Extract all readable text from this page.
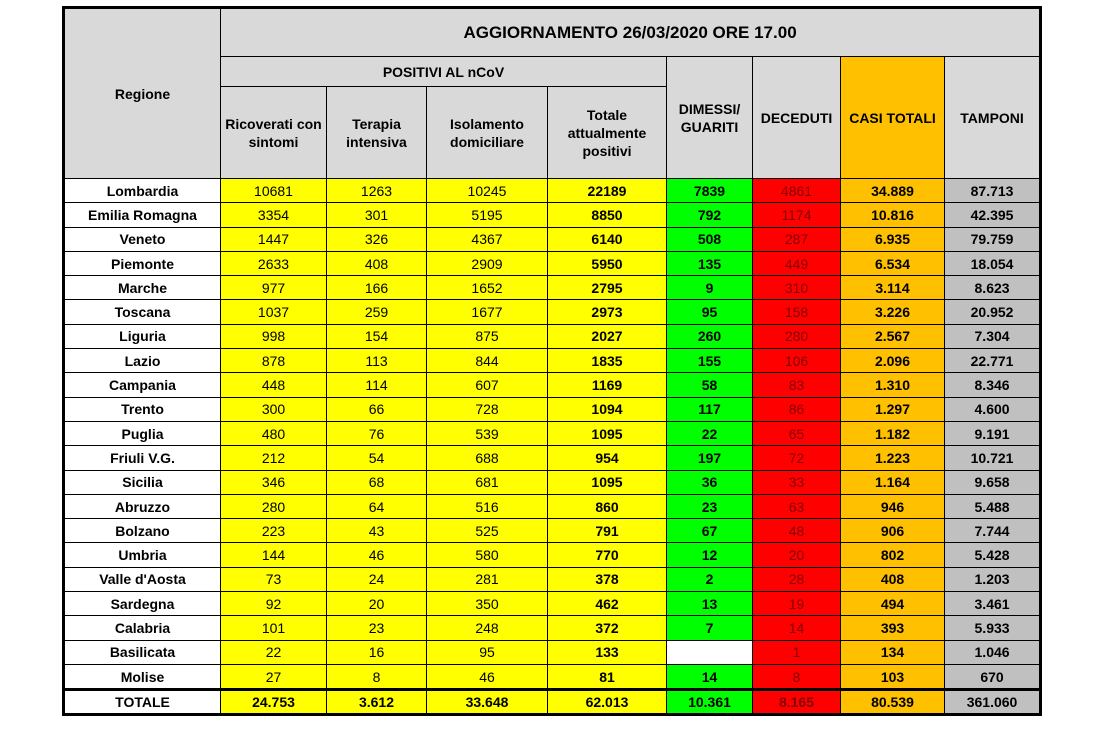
Regione	AGGIORNAMENTO 26/03/2020 ORE 17.00							
	POSITIVI AL nCoV				DIMESSI/ GUARITI	DECEDUTI	CASI TOTALI	TAMPONI
	Ricoverati con sintomi	Terapia intensiva	Isolamento domiciliare	Totale attualmente positivi				
Lombardia	10681	1263	10245	22189	7839	4861	34.889	87.713
Emilia Romagna	3354	301	5195	8850	792	1174	10.816	42.395
Veneto	1447	326	4367	6140	508	287	6.935	79.759
Piemonte	2633	408	2909	5950	135	449	6.534	18.054
Marche	977	166	1652	2795	9	310	3.114	8.623
Toscana	1037	259	1677	2973	95	158	3.226	20.952
Liguria	998	154	875	2027	260	280	2.567	7.304
Lazio	878	113	844	1835	155	106	2.096	22.771
Campania	448	114	607	1169	58	83	1.310	8.346
Trento	300	66	728	1094	117	86	1.297	4.600
Puglia	480	76	539	1095	22	65	1.182	9.191
Friuli V.G.	212	54	688	954	197	72	1.223	10.721
Sicilia	346	68	681	1095	36	33	1.164	9.658
Abruzzo	280	64	516	860	23	63	946	5.488
Bolzano	223	43	525	791	67	48	906	7.744
Umbria	144	46	580	770	12	20	802	5.428
Valle d'Aosta	73	24	281	378	2	28	408	1.203
Sardegna	92	20	350	462	13	19	494	3.461
Calabria	101	23	248	372	7	14	393	5.933
Basilicata	22	16	95	133		1	134	1.046
Molise	27	8	46	81	14	8	103	670
TOTALE	24.753	3.612	33.648	62.013	10.361	8.165	80.539	361.060
